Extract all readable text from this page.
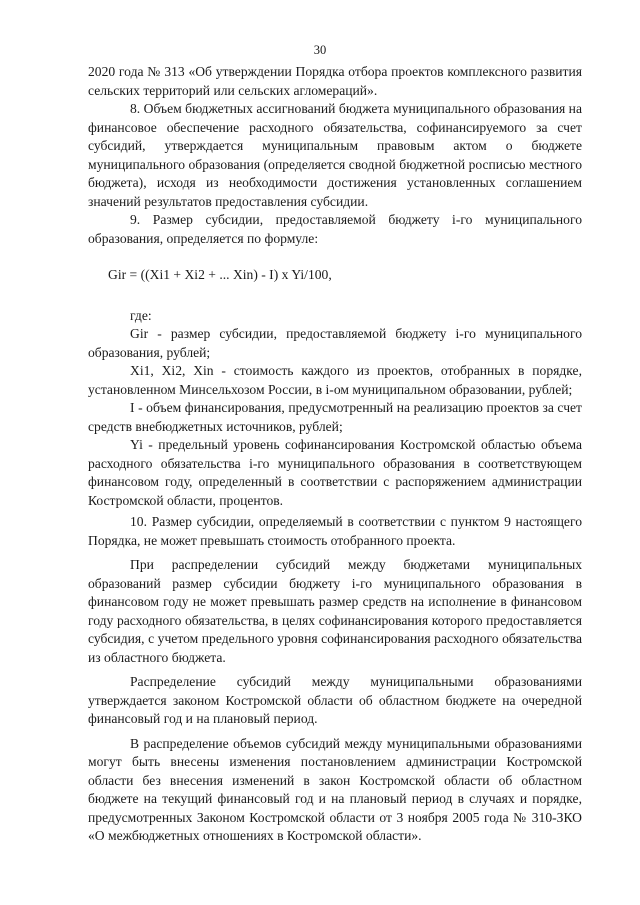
30

2020 года № 313 «Об утверждении Порядка отбора проектов комплексного развития сельских территорий или сельских агломераций».

8. Объем бюджетных ассигнований бюджета муниципального образования на финансовое обеспечение расходного обязательства, софинансируемого за счет субсидий, утверждается муниципальным правовым актом о бюджете муниципального образования (определяется сводной бюджетной росписью местного бюджета), исходя из необходимости достижения установленных соглашением значений результатов предоставления субсидии.

9. Размер субсидии, предоставляемой бюджету i-го муниципального образования, определяется по формуле:

Gir = ((Xi1 + Xi2 + ... Xin) - I) x Yi/100,

где:

Gir - размер субсидии, предоставляемой бюджету i-го муниципального образования, рублей;

Xi1, Xi2, Xin - стоимость каждого из проектов, отобранных в порядке, установленном Минсельхозом России, в i-ом муниципальном образовании, рублей;

I - объем финансирования, предусмотренный на реализацию проектов за счет средств внебюджетных источников, рублей;

Yi - предельный уровень софинансирования Костромской областью объема расходного обязательства i-го муниципального образования в соответствующем финансовом году, определенный в соответствии с распоряжением администрации Костромской области, процентов.

10. Размер субсидии, определяемый в соответствии с пунктом 9 настоящего Порядка, не может превышать стоимость отобранного проекта.

При распределении субсидий между бюджетами муниципальных образований размер субсидии бюджету i-го муниципального образования в финансовом году не может превышать размер средств на исполнение в финансовом году расходного обязательства, в целях софинансирования которого предоставляется субсидия, с учетом предельного уровня софинансирования расходного обязательства из областного бюджета.

Распределение субсидий между муниципальными образованиями утверждается законом Костромской области об областном бюджете на очередной финансовый год и на плановый период.

В распределение объемов субсидий между муниципальными образованиями могут быть внесены изменения постановлением администрации Костромской области без внесения изменений в закон Костромской области об областном бюджете на текущий финансовый год и на плановый период в случаях и порядке, предусмотренных Законом Костромской области от 3 ноября 2005 года № 310-ЗКО «О межбюджетных отношениях в Костромской области».
